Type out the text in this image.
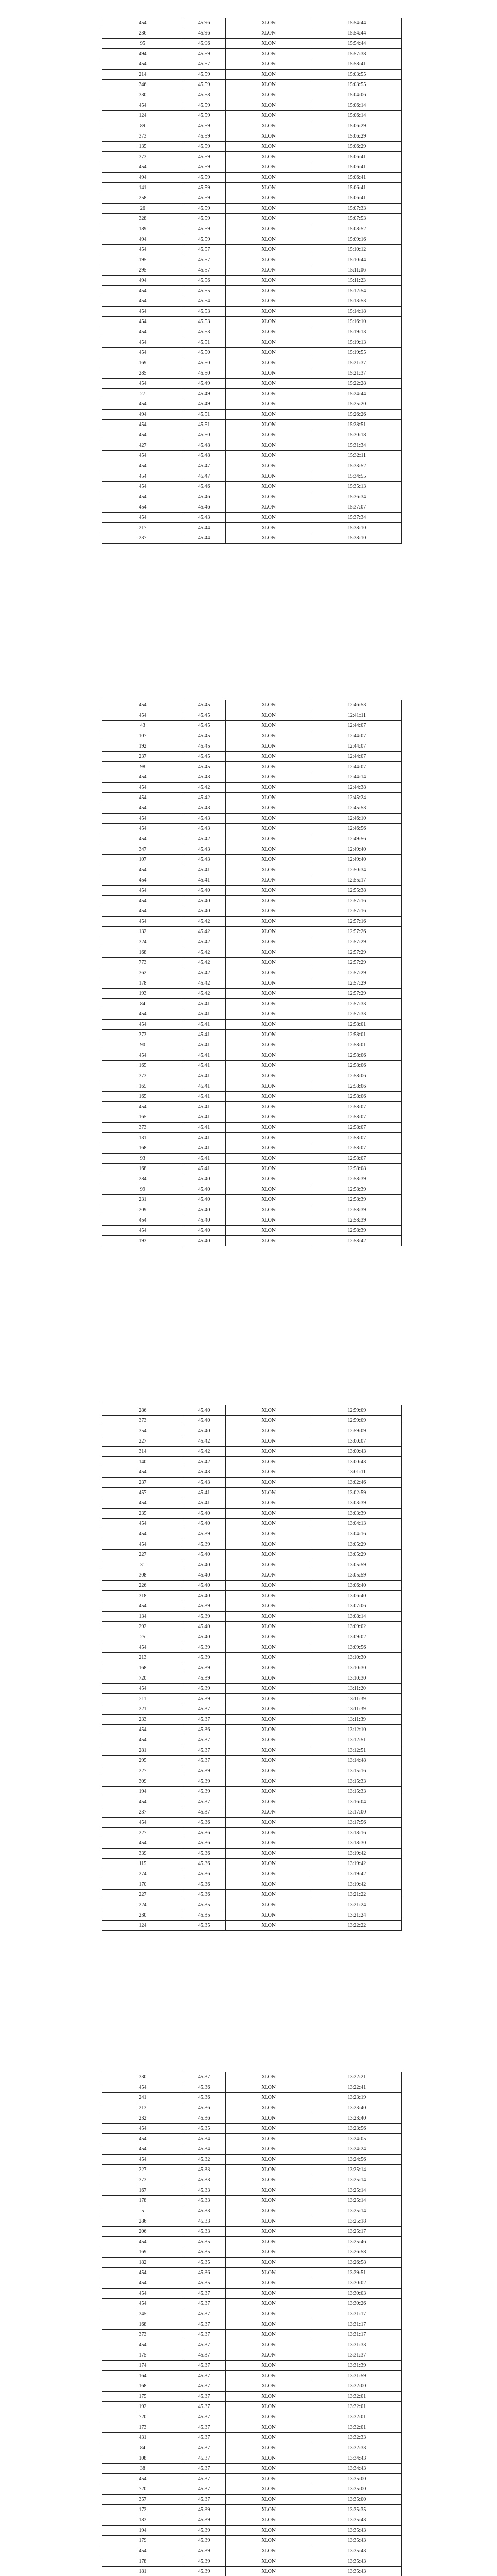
454	45.96	XLON	15:54:44
236	45.96	XLON	15:54:44
95	45.96	XLON	15:54:44
494	45.59	XLON	15:57:38
454	45.57	XLON	15:58:41
214	45.59	XLON	15:03:55
346	45.59	XLON	15:03:55
330	45.58	XLON	15:04:06
454	45.59	XLON	15:06:14
124	45.59	XLON	15:06:14
89	45.59	XLON	15:06:29
373	45.59	XLON	15:06:29
135	45.59	XLON	15:06:29
373	45.59	XLON	15:06:41
454	45.59	XLON	15:06:41
494	45.59	XLON	15:06:41
141	45.59	XLON	15:06:41
258	45.59	XLON	15:06:41
26	45.59	XLON	15:07:33
328	45.59	XLON	15:07:53
189	45.59	XLON	15:08:52
494	45.59	XLON	15:09:16
454	45.57	XLON	15:10:12
195	45.57	XLON	15:10:44
295	45.57	XLON	15:11:06
494	45.56	XLON	15:11:23
454	45.55	XLON	15:12:54
454	45.54	XLON	15:13:53
454	45.53	XLON	15:14:18
454	45.53	XLON	15:16:10
454	45.53	XLON	15:19:13
454	45.51	XLON	15:19:13
454	45.50	XLON	15:19:55
169	45.50	XLON	15:21:37
285	45.50	XLON	15:21:37
454	45.49	XLON	15:22:28
27	45.49	XLON	15:24:44
454	45.49	XLON	15:25:20
494	45.51	XLON	15:26:26
454	45.51	XLON	15:28:51
454	45.50	XLON	15:30:18
427	45.48	XLON	15:31:34
454	45.48	XLON	15:32:11
454	45.47	XLON	15:33:52
454	45.47	XLON	15:34:55
454	45.46	XLON	15:35:13
454	45.46	XLON	15:36:34
454	45.46	XLON	15:37:07
454	45.43	XLON	15:37:34
217	45.44	XLON	15:38:10
237	45.44	XLON	15:38:10
454	45.45	XLON	12:46:53
454	45.45	XLON	12:41:11
43	45.45	XLON	12:44:07
107	45.45	XLON	12:44:07
192	45.45	XLON	12:44:07
237	45.45	XLON	12:44:07
98	45.45	XLON	12:44:07
454	45.43	XLON	12:44:14
454	45.42	XLON	12:44:38
454	45.42	XLON	12:45:24
454	45.43	XLON	12:45:53
454	45.43	XLON	12:46:10
454	45.43	XLON	12:46:56
454	45.42	XLON	12:49:56
347	45.43	XLON	12:49:40
107	45.43	XLON	12:49:40
454	45.41	XLON	12:50:34
454	45.41	XLON	12:55:17
454	45.40	XLON	12:55:38
454	45.40	XLON	12:57:16
454	45.40	XLON	12:57:16
454	45.42	XLON	12:57:16
132	45.42	XLON	12:57:26
324	45.42	XLON	12:57:29
168	45.42	XLON	12:57:29
773	45.42	XLON	12:57:29
362	45.42	XLON	12:57:29
178	45.42	XLON	12:57:29
193	45.42	XLON	12:57:29
84	45.41	XLON	12:57:33
454	45.41	XLON	12:57:33
454	45.41	XLON	12:58:01
373	45.41	XLON	12:58:01
90	45.41	XLON	12:58:01
454	45.41	XLON	12:58:06
165	45.41	XLON	12:58:06
373	45.41	XLON	12:58:06
165	45.41	XLON	12:58:06
165	45.41	XLON	12:58:06
454	45.41	XLON	12:58:07
165	45.41	XLON	12:58:07
373	45.41	XLON	12:58:07
131	45.41	XLON	12:58:07
168	45.41	XLON	12:58:07
93	45.41	XLON	12:58:07
168	45.41	XLON	12:58:08
284	45.40	XLON	12:58:39
99	45.40	XLON	12:58:39
231	45.40	XLON	12:58:39
209	45.40	XLON	12:58:39
454	45.40	XLON	12:58:39
454	45.40	XLON	12:58:39
193	45.40	XLON	12:58:42
286	45.40	XLON	12:59:09
373	45.40	XLON	12:59:09
354	45.40	XLON	12:59:09
227	45.42	XLON	13:00:07
314	45.42	XLON	13:00:43
140	45.42	XLON	13:00:43
454	45.43	XLON	13:01:11
237	45.43	XLON	13:02:46
457	45.41	XLON	13:02:59
454	45.41	XLON	13:03:39
235	45.40	XLON	13:03:39
454	45.40	XLON	13:04:13
454	45.39	XLON	13:04:16
454	45.39	XLON	13:05:29
227	45.40	XLON	13:05:29
31	45.40	XLON	13:05:59
308	45.40	XLON	13:05:59
226	45.40	XLON	13:06:40
318	45.40	XLON	13:06:40
454	45.39	XLON	13:07:06
134	45.39	XLON	13:08:14
292	45.40	XLON	13:09:02
25	45.40	XLON	13:09:02
454	45.39	XLON	13:09:56
213	45.39	XLON	13:10:30
168	45.39	XLON	13:10:30
720	45.39	XLON	13:10:30
454	45.39	XLON	13:11:20
211	45.39	XLON	13:11:39
221	45.37	XLON	13:11:39
233	45.37	XLON	13:11:39
454	45.36	XLON	13:12:10
454	45.37	XLON	13:12:51
281	45.37	XLON	13:12:51
295	45.37	XLON	13:14:48
227	45.39	XLON	13:15:16
309	45.39	XLON	13:15:33
194	45.39	XLON	13:15:33
454	45.37	XLON	13:16:04
237	45.37	XLON	13:17:00
454	45.36	XLON	13:17:56
227	45.36	XLON	13:18:16
454	45.36	XLON	13:18:30
339	45.36	XLON	13:19:42
115	45.36	XLON	13:19:42
274	45.36	XLON	13:19:42
170	45.36	XLON	13:19:42
227	45.36	XLON	13:21:22
224	45.35	XLON	13:21:24
230	45.35	XLON	13:21:24
124	45.35	XLON	13:22:22
330	45.37	XLON	13:22:21
454	45.36	XLON	13:22:41
241	45.36	XLON	13:23:19
213	45.36	XLON	13:23:40
232	45.36	XLON	13:23:40
454	45.35	XLON	13:23:56
454	45.34	XLON	13:24:05
454	45.34	XLON	13:24:24
454	45.32	XLON	13:24:56
227	45.33	XLON	13:25:14
373	45.33	XLON	13:25:14
167	45.33	XLON	13:25:14
178	45.33	XLON	13:25:14
5	45.33	XLON	13:25:14
286	45.33	XLON	13:25:18
206	45.33	XLON	13:25:17
454	45.35	XLON	13:25:46
169	45.35	XLON	13:26:58
182	45.35	XLON	13:26:58
454	45.36	XLON	13:29:51
454	45.35	XLON	13:30:02
454	45.37	XLON	13:30:03
454	45.37	XLON	13:30:26
345	45.37	XLON	13:31:17
168	45.37	XLON	13:31:17
373	45.37	XLON	13:31:17
454	45.37	XLON	13:31:33
175	45.37	XLON	13:31:37
174	45.37	XLON	13:31:39
164	45.37	XLON	13:31:59
168	45.37	XLON	13:32:00
175	45.37	XLON	13:32:01
192	45.37	XLON	13:32:01
720	45.37	XLON	13:32:01
173	45.37	XLON	13:32:01
431	45.37	XLON	13:32:33
84	45.37	XLON	13:32:33
108	45.37	XLON	13:34:43
38	45.37	XLON	13:34:43
454	45.37	XLON	13:35:00
720	45.37	XLON	13:35:00
357	45.37	XLON	13:35:00
172	45.39	XLON	13:35:35
183	45.39	XLON	13:35:43
194	45.39	XLON	13:35:43
179	45.39	XLON	13:35:43
454	45.39	XLON	13:35:43
178	45.39	XLON	13:35:43
181	45.39	XLON	13:35:43
